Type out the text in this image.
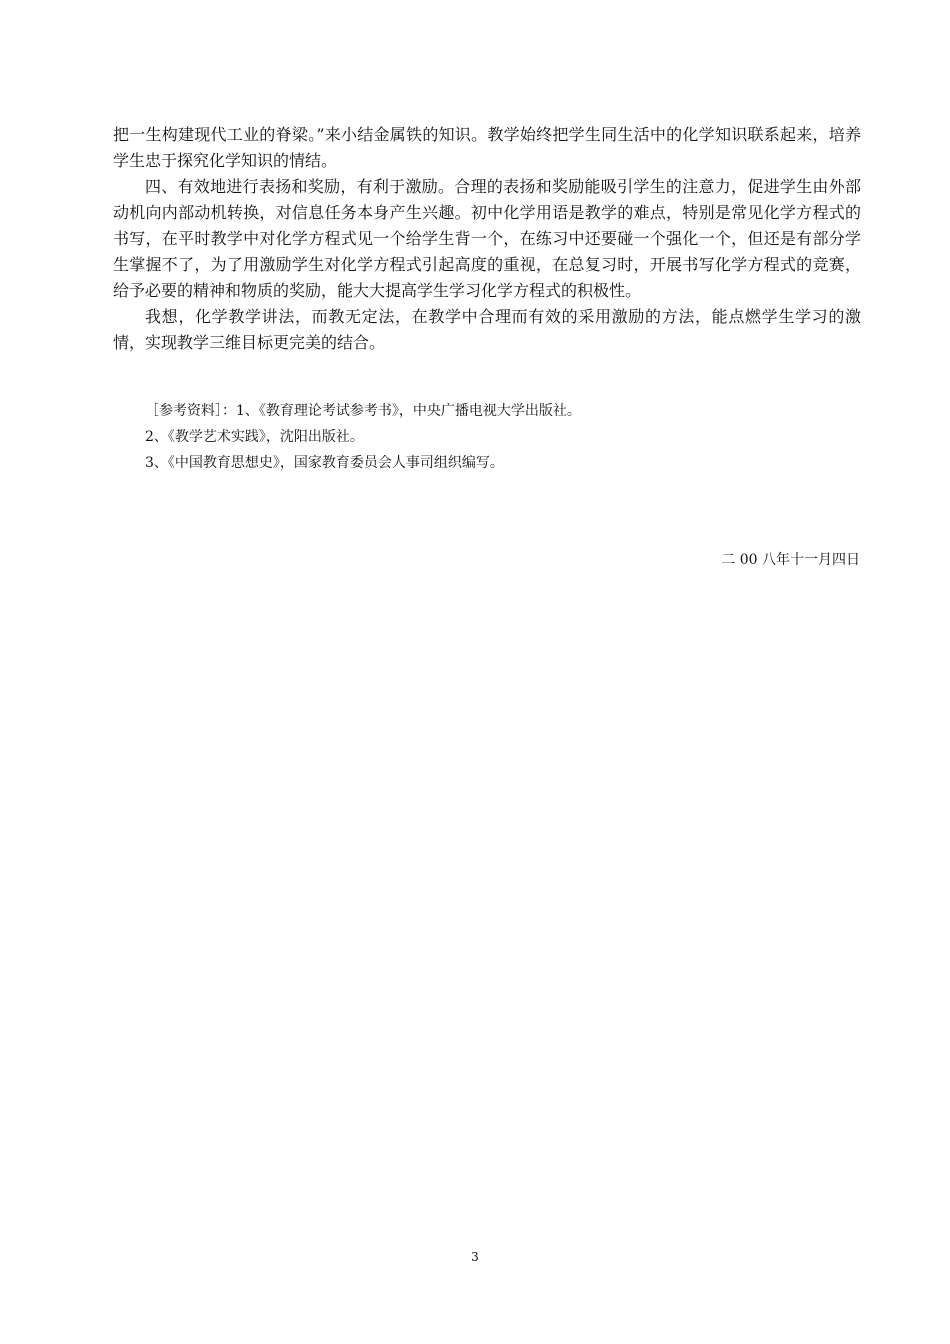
把一生构建现代工业的脊梁。”来小结金属铁的知识。教学始终把学生同生活中的化学知识联系起来，培养学生忠于探究化学知识的情结。

四、有效地进行表扬和奖励，有利于激励。合理的表扬和奖励能吸引学生的注意力，促进学生由外部动机向内部动机转换，对信息任务本身产生兴趣。初中化学用语是教学的难点，特别是常见化学方程式的书写，在平时教学中对化学方程式见一个给学生背一个，在练习中还要碰一个强化一个，但还是有部分学生掌握不了，为了用激励学生对化学方程式引起高度的重视，在总复习时，开展书写化学方程式的竞赛，给予必要的精神和物质的奖励，能大大提高学生学习化学方程式的积极性。

我想，化学教学讲法，而教无定法，在教学中合理而有效的采用激励的方法，能点燃学生学习的激情，实现教学三维目标更完美的结合。

［参考资料］：1、《教育理论考试参考书》，中央广播电视大学出版社。

2、《教学艺术实践》，沈阳出版社。

3、《中国教育思想史》，国家教育委员会人事司组织编写。

二 00 八年十一月四日
3
